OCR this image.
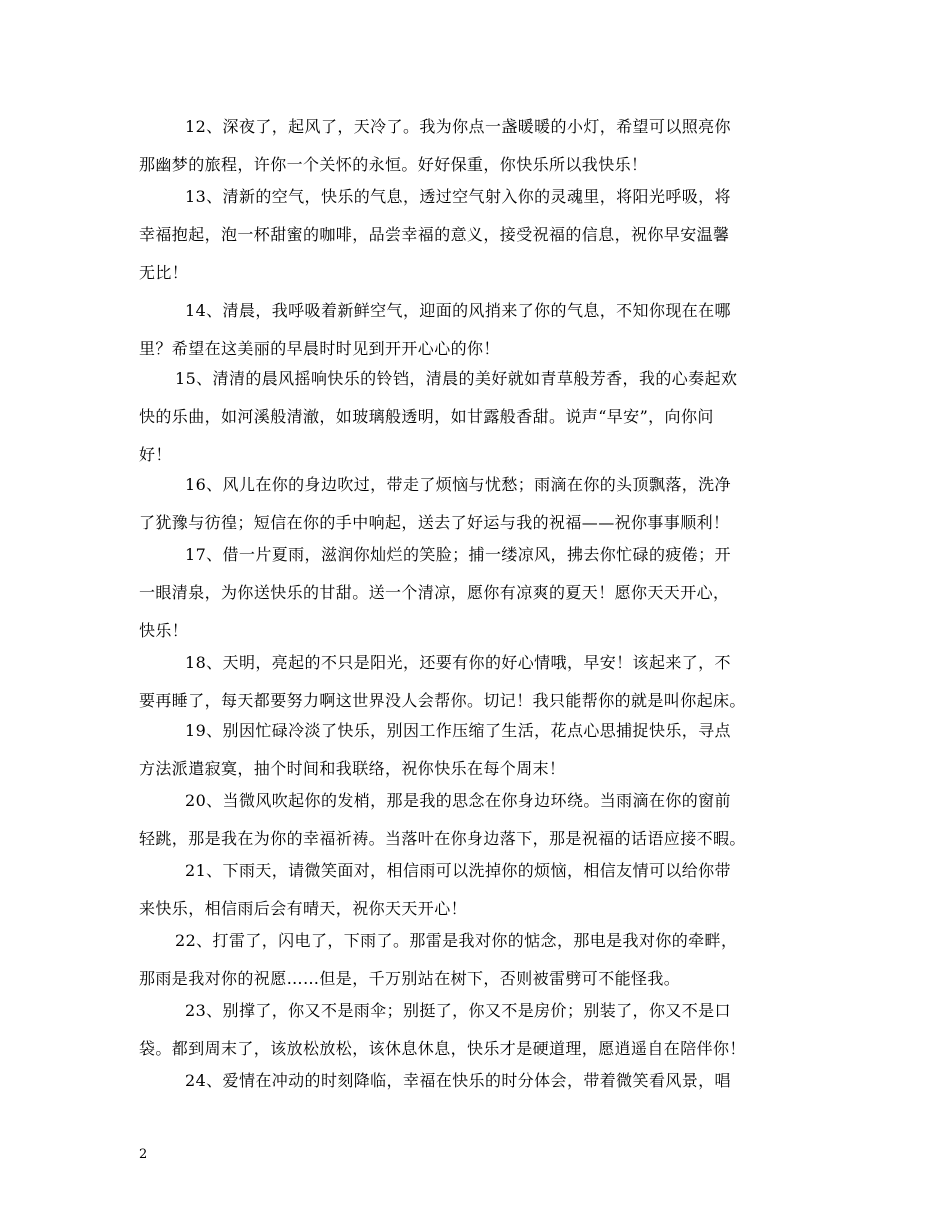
12、深夜了，起风了，天冷了。我为你点一盏暖暖的小灯，希望可以照亮你
那幽梦的旅程，许你一个关怀的永恒。好好保重，你快乐所以我快乐！
13、清新的空气，快乐的气息，透过空气射入你的灵魂里，将阳光呼吸，将
幸福抱起，泡一杯甜蜜的咖啡，品尝幸福的意义，接受祝福的信息，祝你早安温馨
无比！
14、清晨，我呼吸着新鲜空气，迎面的风捎来了你的气息，不知你现在在哪
里？希望在这美丽的早晨时时见到开开心心的你！
15、清清的晨风摇响快乐的铃铛，清晨的美好就如青草般芳香，我的心奏起欢
快的乐曲，如河溪般清澈，如玻璃般透明，如甘露般香甜。说声“早安”，向你问
好！
16、风儿在你的身边吹过，带走了烦恼与忧愁；雨滴在你的头顶飘落，洗净
了犹豫与彷徨；短信在你的手中响起，送去了好运与我的祝福——祝你事事顺利！
17、借一片夏雨，滋润你灿烂的笑脸；捕一缕凉风，拂去你忙碌的疲倦；开
一眼清泉，为你送快乐的甘甜。送一个清凉，愿你有凉爽的夏天！愿你天天开心，
快乐！
18、天明，亮起的不只是阳光，还要有你的好心情哦，早安！该起来了，不
要再睡了，每天都要努力啊这世界没人会帮你。切记！我只能帮你的就是叫你起床。
19、别因忙碌冷淡了快乐，别因工作压缩了生活，花点心思捕捉快乐，寻点
方法派遣寂寞，抽个时间和我联络，祝你快乐在每个周末！
20、当微风吹起你的发梢，那是我的思念在你身边环绕。当雨滴在你的窗前
轻跳，那是我在为你的幸福祈祷。当落叶在你身边落下，那是祝福的话语应接不暇。
21、下雨天，请微笑面对，相信雨可以洗掉你的烦恼，相信友情可以给你带
来快乐，相信雨后会有晴天，祝你天天开心！
22、打雷了，闪电了，下雨了。那雷是我对你的惦念，那电是我对你的牵畔，
那雨是我对你的祝愿……但是，千万别站在树下，否则被雷劈可不能怪我。
23、别撑了，你又不是雨伞；别挺了，你又不是房价；别装了，你又不是口
袋。都到周末了，该放松放松，该休息休息，快乐才是硬道理，愿逍遥自在陪伴你！
24、爱情在冲动的时刻降临，幸福在快乐的时分体会，带着微笑看风景，唱
2
